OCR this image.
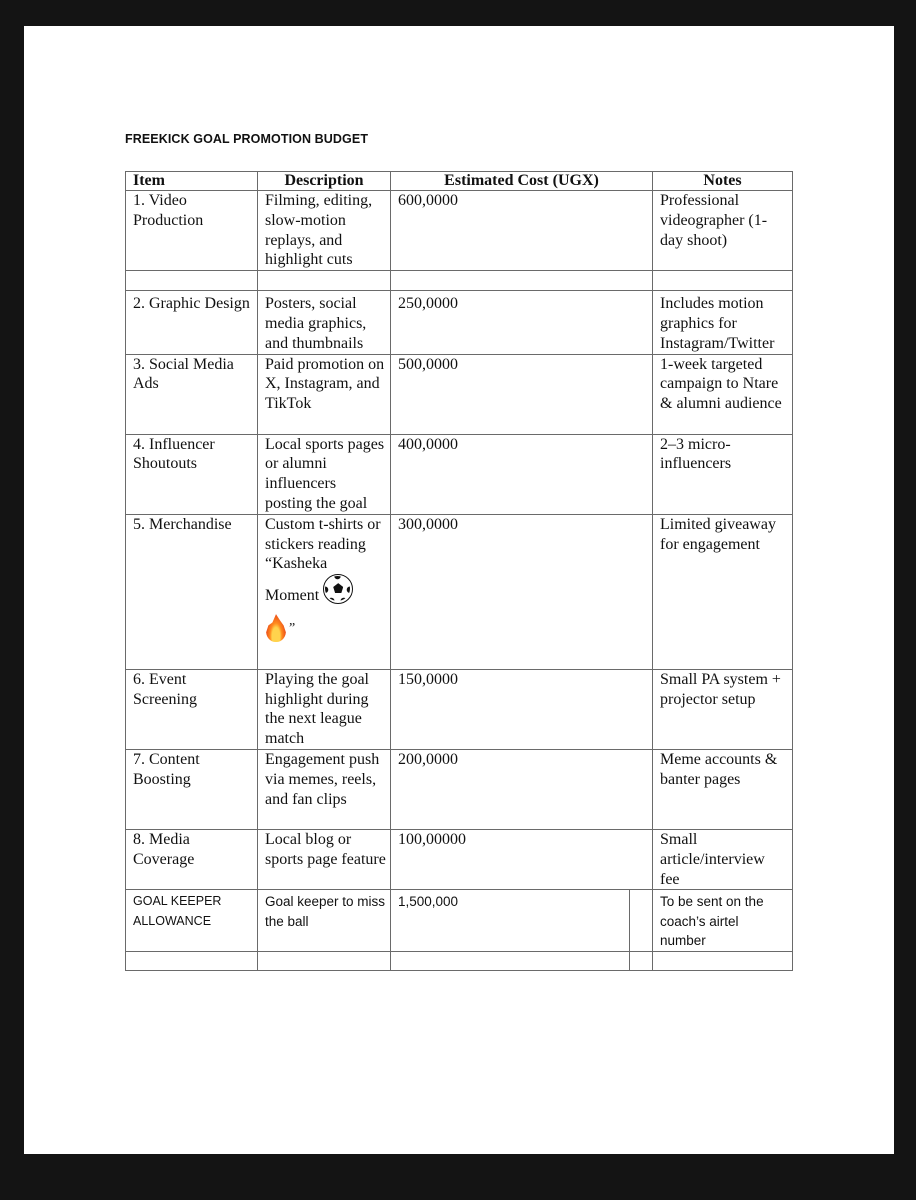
FREEKICK GOAL PROMOTION BUDGET
Item	Description	Estimated Cost (UGX)		Notes
1. Video Production	Filming, editing, slow-motion replays, and highlight cuts	600,0000		Professional videographer (1-day shoot)

2. Graphic Design	Posters, social media graphics, and thumbnails	250,0000		Includes motion graphics for Instagram/Twitter
3. Social Media Ads	Paid promotion on X, Instagram, and TikTok	500,0000		1-week targeted campaign to Ntare & alumni audience
4. Influencer Shoutouts	Local sports pages or alumni influencers posting the goal	400,0000		2–3 micro-influencers
5. Merchandise	Custom t-shirts or stickers reading “Kasheka
Moment
”	300,0000		Limited giveaway for engagement
6. Event Screening	Playing the goal highlight during the next league match	150,0000		Small PA system + projector setup
7. Content Boosting	Engagement push via memes, reels, and fan clips	200,0000		Meme accounts & banter pages
8. Media Coverage	Local blog or sports page feature	100,00000		Small article/interview fee
GOAL KEEPER ALLOWANCE	Goal keeper to miss the ball	1,500,000		To be sent on the coach’s airtel number
